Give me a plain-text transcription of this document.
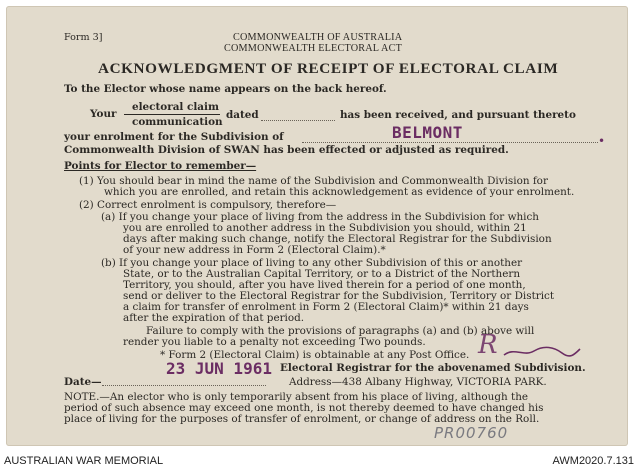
Form 3]	COMMONWEALTH OF AUSTRALIA
COMMONWEALTH ELECTORAL ACT
ACKNOWLEDGMENT OF RECEIPT OF ELECTORAL CLAIM
To the Elector whose name appears on the back hereof.
Your
electoral claim
communication
dated	has been received, and pursuant thereto
your enrolment for the Subdivision of	BELMONT	•
Commonwealth Division of SWAN has been effected or adjusted as required.
Points for Elector to remember—
(1) You should bear in mind the name of the Subdivision and Commonwealth Division for
which you are enrolled, and retain this acknowledgement as evidence of your enrolment.
(2) Correct enrolment is compulsory, therefore—
(a) If you change your place of living from the address in the Subdivision for which
you are enrolled to another address in the Subdivision you should, within 21
days after making such change, notify the Electoral Registrar for the Subdivision
of your new address in Form 2 (Electoral Claim).*
(b) If you change your place of living to any other Subdivision of this or another
State, or to the Australian Capital Territory, or to a District of the Northern
Territory, you should, after you have lived therein for a period of one month,
send or deliver to the Electoral Registrar for the Subdivision, Territory or District
a claim for transfer of enrolment in Form 2 (Electoral Claim)* within 21 days
after the expiration of that period.
Failure to comply with the provisions of paragraphs (a) and (b) above will
render you liable to a penalty not exceeding Two pounds.
* Form 2 (Electoral Claim) is obtainable at any Post Office. R
23 JUN 1961 Electoral Registrar for the abovenamed Subdivision.
Date—	Address—438 Albany Highway, VICTORIA PARK.
NOTE.—An elector who is only temporarily absent from his place of living, although the
period of such absence may exceed one month, is not thereby deemed to have changed his
place of living for the purposes of transfer of enrolment, or change of address on the Roll.
PR00760
AUSTRALIAN WAR MEMORIAL	AWM2020.7.131
